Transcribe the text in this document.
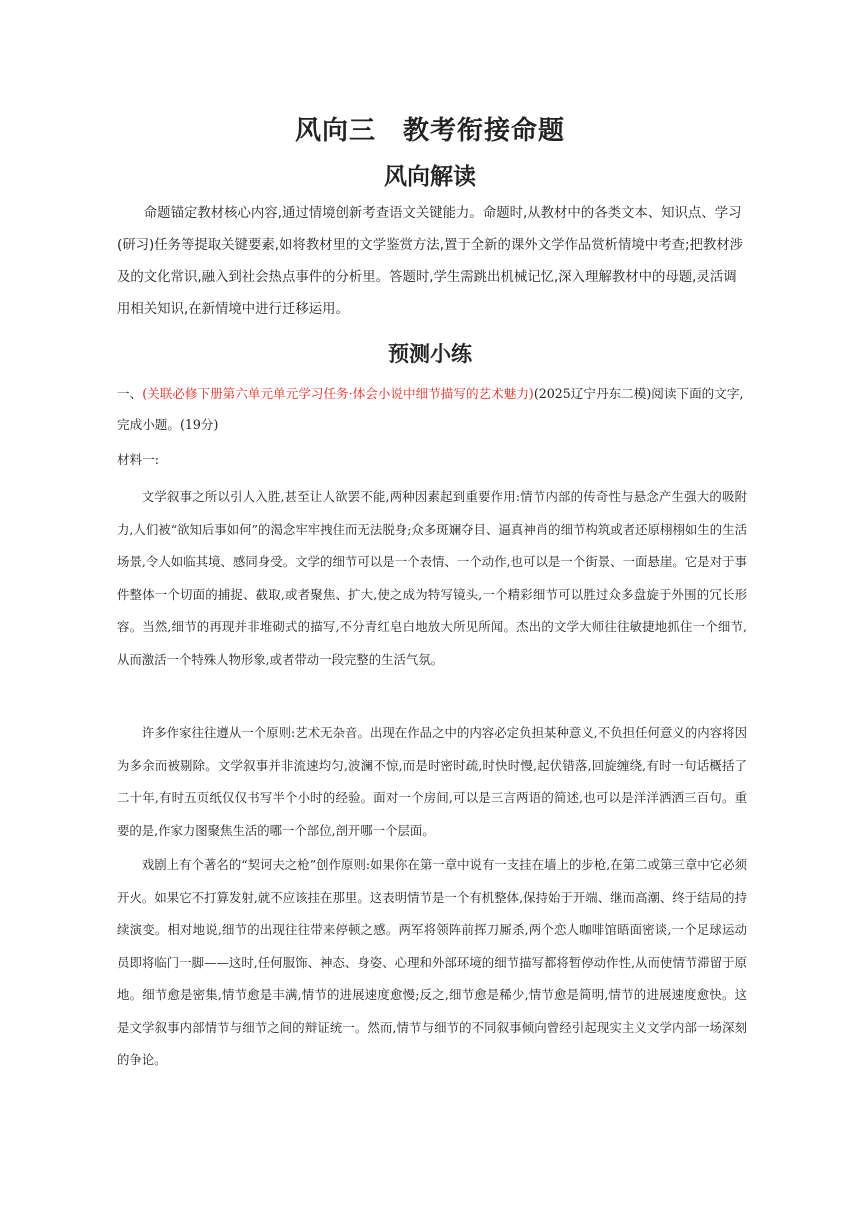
风向三　教考衔接命题
风向解读

命题锚定教材核心内容,通过情境创新考查语文关键能力。命题时,从教材中的各类文本、知识点、学习(研习)任务等提取关键要素,如将教材里的文学鉴赏方法,置于全新的课外文学作品赏析情境中考查;把教材涉及的文化常识,融入到社会热点事件的分析里。答题时,学生需跳出机械记忆,深入理解教材中的母题,灵活调用相关知识,在新情境中进行迁移运用。

预测小练

一、(关联必修下册第六单元单元学习任务·体会小说中细节描写的艺术魅力)(2025辽宁丹东二模)阅读下面的文字,完成小题。(19分)

材料一:

文学叙事之所以引人入胜,甚至让人欲罢不能,两种因素起到重要作用:情节内部的传奇性与悬念产生强大的吸附力,人们被“欲知后事如何”的渴念牢牢拽住而无法脱身;众多斑斓夺目、逼真神肖的细节构筑或者还原栩栩如生的生活场景,令人如临其境、感同身受。文学的细节可以是一个表情、一个动作,也可以是一个街景、一面悬崖。它是对于事件整体一个切面的捕捉、截取,或者聚焦、扩大,使之成为特写镜头,一个精彩细节可以胜过众多盘旋于外围的冗长形容。当然,细节的再现并非堆砌式的描写,不分青红皂白地放大所见所闻。杰出的文学大师往往敏捷地抓住一个细节,从而激活一个特殊人物形象,或者带动一段完整的生活气氛。

许多作家往往遵从一个原则:艺术无杂音。出现在作品之中的内容必定负担某种意义,不负担任何意义的内容将因为多余而被剔除。文学叙事并非流速均匀,波澜不惊,而是时密时疏,时快时慢,起伏错落,回旋缠绕,有时一句话概括了二十年,有时五页纸仅仅书写半个小时的经验。面对一个房间,可以是三言两语的简述,也可以是洋洋洒洒三百句。重要的是,作家力图聚焦生活的哪一个部位,剖开哪一个层面。

戏剧上有个著名的“契诃夫之枪”创作原则:如果你在第一章中说有一支挂在墙上的步枪,在第二或第三章中它必须开火。如果它不打算发射,就不应该挂在那里。这表明情节是一个有机整体,保持始于开端、继而高潮、终于结局的持续演变。相对地说,细节的出现往往带来停顿之感。两军将领阵前挥刀厮杀,两个恋人咖啡馆晤面密谈,一个足球运动员即将临门一脚——这时,任何服饰、神态、身姿、心理和外部环境的细节描写都将暂停动作性,从而使情节滞留于原地。细节愈是密集,情节愈是丰满,情节的进展速度愈慢;反之,细节愈是稀少,情节愈是简明,情节的进展速度愈快。这是文学叙事内部情节与细节之间的辩证统一。然而,情节与细节的不同叙事倾向曾经引起现实主义文学内部一场深刻的争论。
